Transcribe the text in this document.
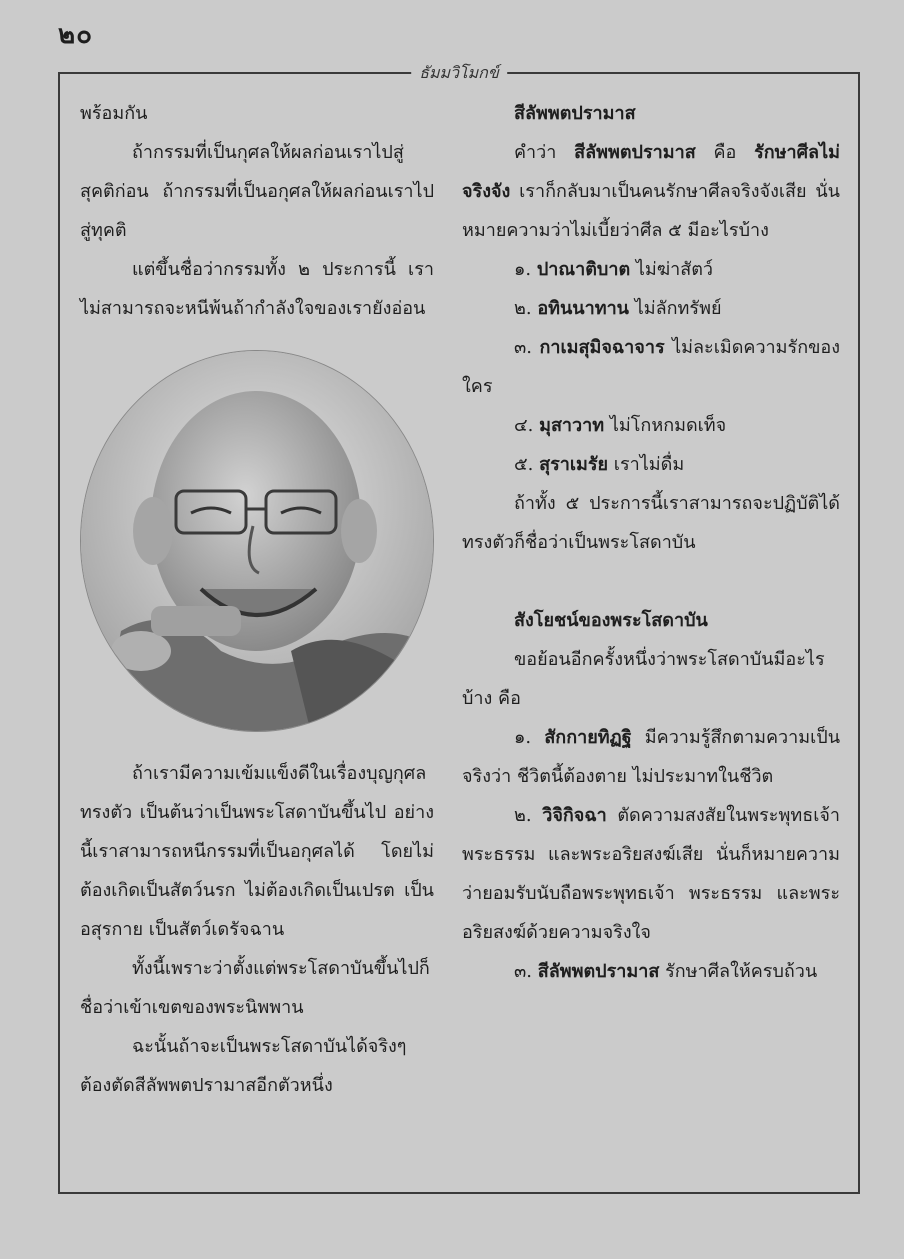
๒๐
ธัมมวิโมกข์

พร้อมกัน

ถ้ากรรมที่เป็นกุศลให้ผลก่อนเราไปสู่สุคติก่อน ถ้ากรรมที่เป็นอกุศลให้ผลก่อนเราไปสู่ทุคติ

แต่ขึ้นชื่อว่ากรรมทั้ง ๒ ประการนี้ เราไม่สามารถจะหนีพ้นถ้ากำลังใจของเรายังอ่อน

ถ้าเรามีความเข้มแข็งดีในเรื่องบุญกุศลทรงตัว เป็นต้นว่าเป็นพระโสดาบันขึ้นไป อย่างนี้เราสามารถหนีกรรมที่เป็นอกุศลได้ โดยไม่ต้องเกิดเป็นสัตว์นรก ไม่ต้องเกิดเป็นเปรต เป็นอสุรกาย เป็นสัตว์เดรัจฉาน

ทั้งนี้เพราะว่าตั้งแต่พระโสดาบันขึ้นไปก็ชื่อว่าเข้าเขตของพระนิพพาน

ฉะนั้นถ้าจะเป็นพระโสดาบันได้จริงๆ ต้องตัดสีลัพพตปรามาสอีกตัวหนึ่ง

สีลัพพตปรามาส

คำว่า สีลัพพตปรามาส คือ รักษาศีลไม่จริงจัง เราก็กลับมาเป็นคนรักษาศีลจริงจังเสีย นั่นหมายความว่าไม่เบี้ยว่าศีล ๕ มีอะไรบ้าง

๑. ปาณาติบาต ไม่ฆ่าสัตว์

๒. อทินนาทาน ไม่ลักทรัพย์

๓. กาเมสุมิจฉาจาร ไม่ละเมิดความรักของใคร

๔. มุสาวาท ไม่โกหกมดเท็จ

๕. สุราเมรัย เราไม่ดื่ม

ถ้าทั้ง ๕ ประการนี้เราสามารถจะปฏิบัติได้ทรงตัวก็ชื่อว่าเป็นพระโสดาบัน

สังโยชน์ของพระโสดาบัน

ขอย้อนอีกครั้งหนึ่งว่าพระโสดาบันมีอะไรบ้าง คือ

๑. สักกายทิฏฐิ มีความรู้สึกตามความเป็นจริงว่า ชีวิตนี้ต้องตาย ไม่ประมาทในชีวิต

๒. วิจิกิจฉา ตัดความสงสัยในพระพุทธเจ้า พระธรรม และพระอริยสงฆ์เสีย นั่นก็หมายความว่ายอมรับนับถือพระพุทธเจ้า พระธรรม และพระอริยสงฆ์ด้วยความจริงใจ

๓. สีลัพพตปรามาส รักษาศีลให้ครบถ้วน
